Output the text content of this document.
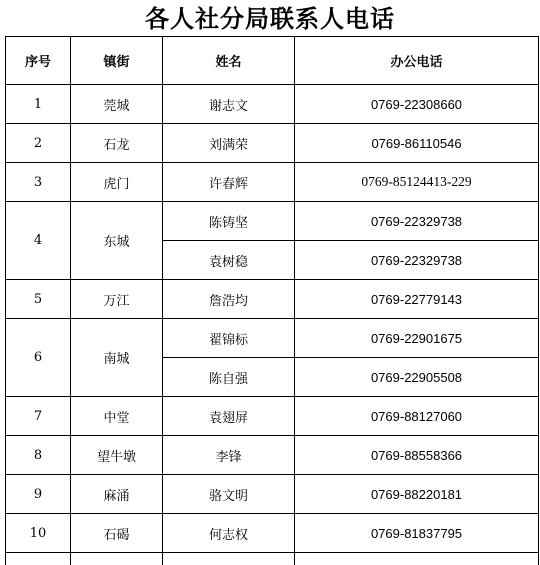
各人社分局联系人电话
序号	镇街	姓名	办公电话
1	莞城	谢志文	0769-22308660
2	石龙	刘满荣	0769-86110546
3	虎门	许春辉	0769-85124413-229
4	东城	陈铸坚	0769-22329738
		袁树稳	0769-22329738
5	万江	詹浩均	0769-22779143
6	南城	翟锦标	0769-22901675
		陈自强	0769-22905508
7	中堂	袁翅屏	0769-88127060
8	望牛墩	李锋	0769-88558366
9	麻涌	骆文明	0769-88220181
10	石碣	何志权	0769-81837795
